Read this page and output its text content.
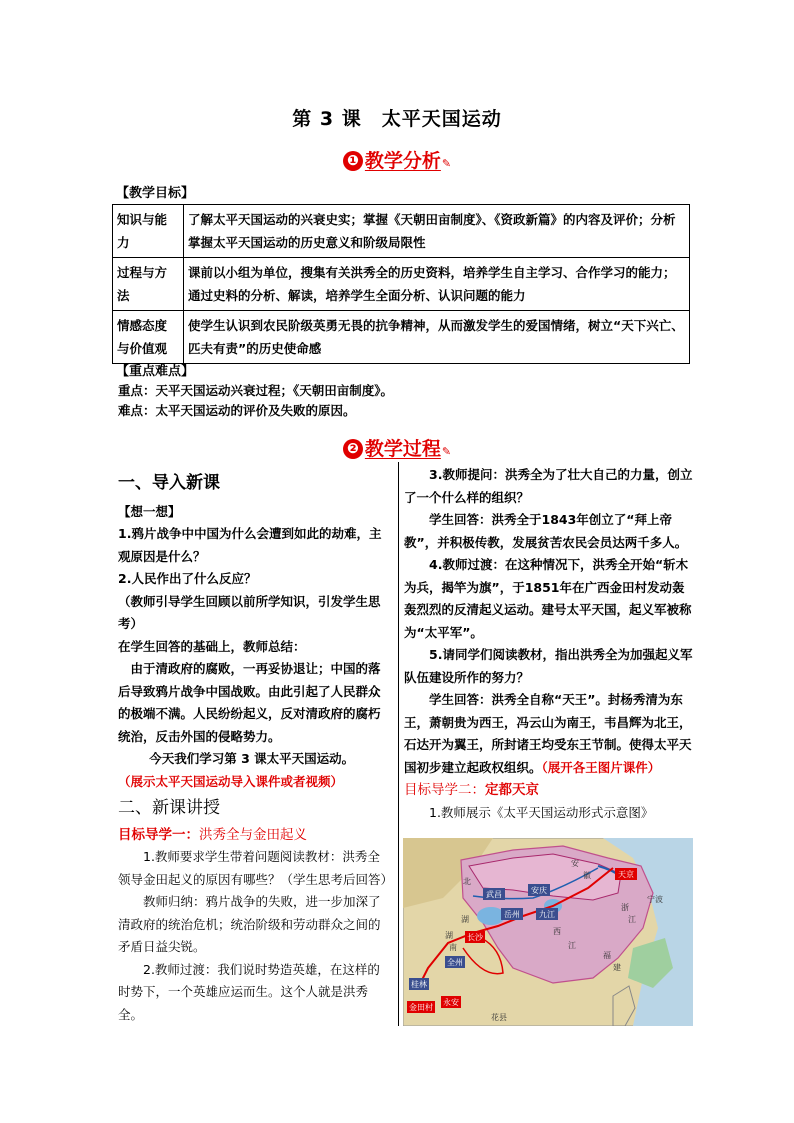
第 3 课　太平天国运动
❶ 教学分析✎
【教学目标】
知识与能力	了解太平天国运动的兴衰史实；掌握《天朝田亩制度》、《资政新篇》的内容及评价；分析掌握太平天国运动的历史意义和阶级局限性
过程与方法	课前以小组为单位，搜集有关洪秀全的历史资料，培养学生自主学习、合作学习的能力；通过史料的分析、解读，培养学生全面分析、认识问题的能力
情感态度与价值观	使学生认识到农民阶级英勇无畏的抗争精神，从而激发学生的爱国情绪，树立“天下兴亡、匹夫有责”的历史使命感
【重点难点】
重点：天平天国运动兴衰过程；《天朝田亩制度》。
难点：太平天国运动的评价及失败的原因。
❷ 教学过程✎

一、导入新课

【想一想】

1.鸦片战争中中国为什么会遭到如此的劫难，主观原因是什么？

2.人民作出了什么反应？

（教师引导学生回顾以前所学知识，引发学生思考）

在学生回答的基础上，教师总结：

由于清政府的腐败，一再妥协退让；中国的落后导致鸦片战争中国战败。由此引起了人民群众的极端不满。人民纷纷起义，反对清政府的腐朽统治，反击外国的侵略势力。

今天我们学习第 3 课太平天国运动。

（展示太平天国运动导入课件或者视频）

二、新课讲授

目标导学一：洪秀全与金田起义

1.教师要求学生带着问题阅读教材：洪秀全领导金田起义的原因有哪些？（学生思考后回答）

教师归纳：鸦片战争的失败，进一步加深了清政府的统治危机；统治阶级和劳动群众之间的矛盾日益尖锐。

2.教师过渡：我们说时势造英雄，在这样的时势下，一个英雄应运而生。这个人就是洪秀全。

3.教师提问：洪秀全为了壮大自己的力量，创立了一个什么样的组织？

学生回答：洪秀全于1843年创立了“拜上帝教”，并积极传教，发展贫苦农民会员达两千多人。

4.教师过渡：在这种情况下，洪秀全开始“斩木为兵，揭竿为旗”，于1851年在广西金田村发动轰轰烈烈的反清起义运动。建号太平天国，起义军被称为“太平军”。

5.请同学们阅读教材，指出洪秀全为加强起义军队伍建设所作的努力？

学生回答：洪秀全自称“天王”。封杨秀清为东王，萧朝贵为西王，冯云山为南王，韦昌辉为北王，石达开为翼王，所封诸王均受东王节制。使得太平天国初步建立起政权组织。（展开各王图片课件）

目标导学二：定都天京

1.教师展示《太平天国运动形式示意图》

天京
武昌	安庆
岳州 九江
长沙
全州
桂林
金田村
永安
湖
北
湖
南
西
江
安
徽
浙
江
宁波
福
建
花县
